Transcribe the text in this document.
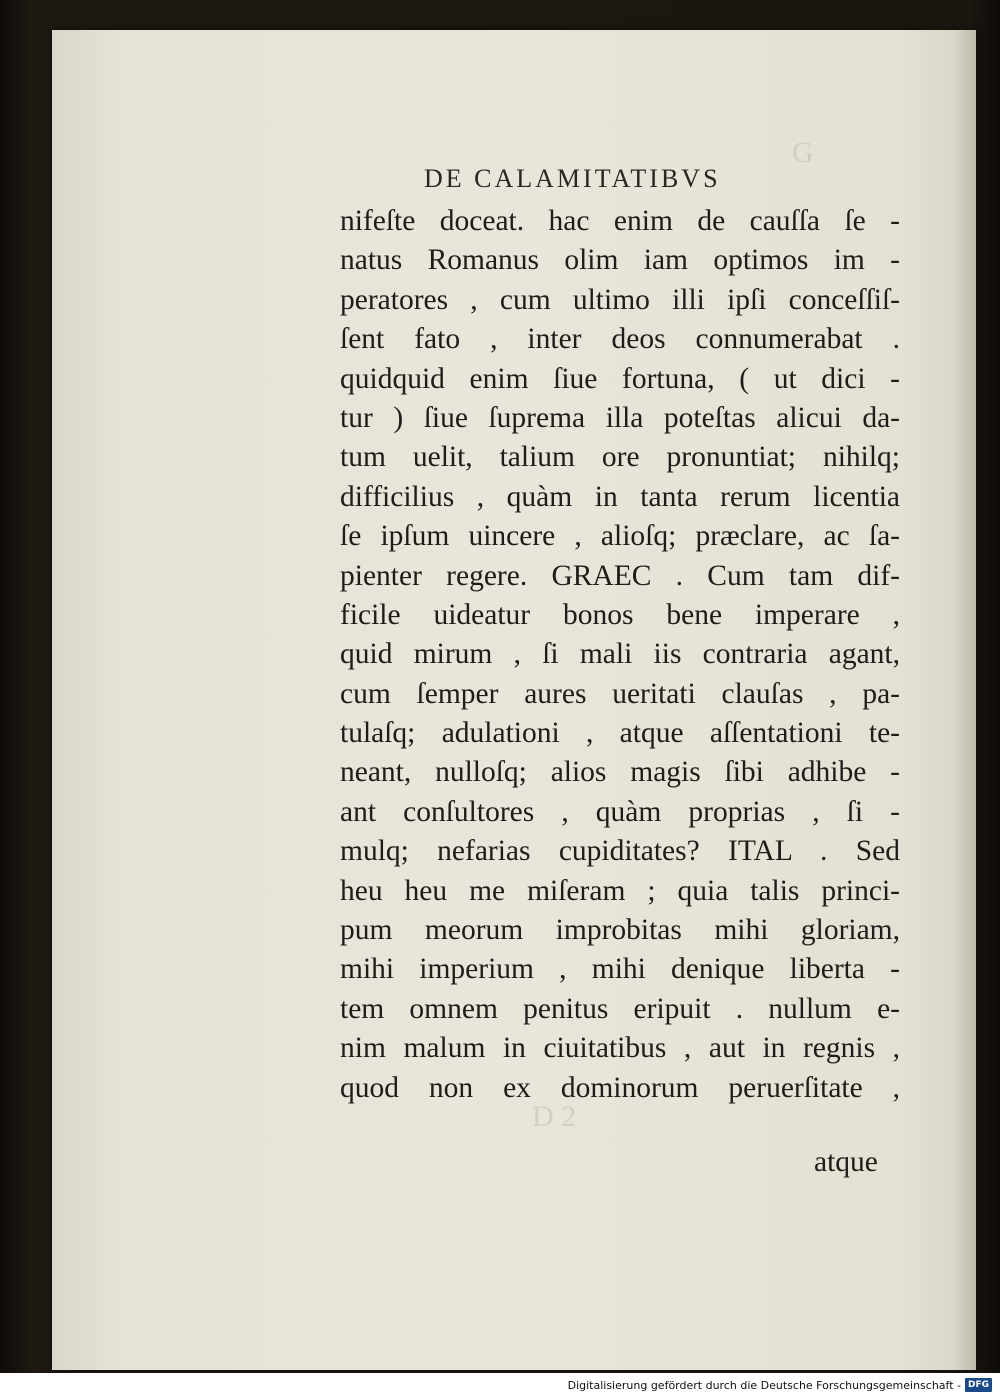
G
D 2
DE CALAMITATIBVS
nifeſte doceat. hac enim de cauſſa ſe -
natus Romanus olim iam optimos im -
peratores , cum ultimo illi ipſi conceſſiſ-
ſent fato , inter deos connumerabat .
quidquid enim ſiue fortuna, ( ut dici -
tur ) ſiue ſuprema illa poteſtas alicui da-
tum uelit, talium ore pronuntiat; nihilq;
difficilius , quàm in tanta rerum licentia
ſe ipſum uincere , alioſq; præclare, ac ſa-
pienter regere. GRAEC . Cum tam dif-
ficile uideatur bonos bene imperare ,
quid mirum , ſi mali iis contraria agant,
cum ſemper aures ueritati clauſas , pa-
tulaſq; adulationi , atque aſſentationi te-
neant, nulloſq; alios magis ſibi adhibe -
ant conſultores , quàm proprias , ſi -
mulq; nefarias cupiditates? ITAL . Sed
heu heu me miſeram ; quia talis princi-
pum meorum improbitas mihi gloriam,
mihi imperium , mihi denique liberta -
tem omnem penitus eripuit . nullum e-
nim malum in ciuitatibus , aut in regnis ,
quod non ex dominorum peruerſitate ,
atque
Digitalisierung gefördert durch die Deutsche Forschungsgemeinschaft - DFG
